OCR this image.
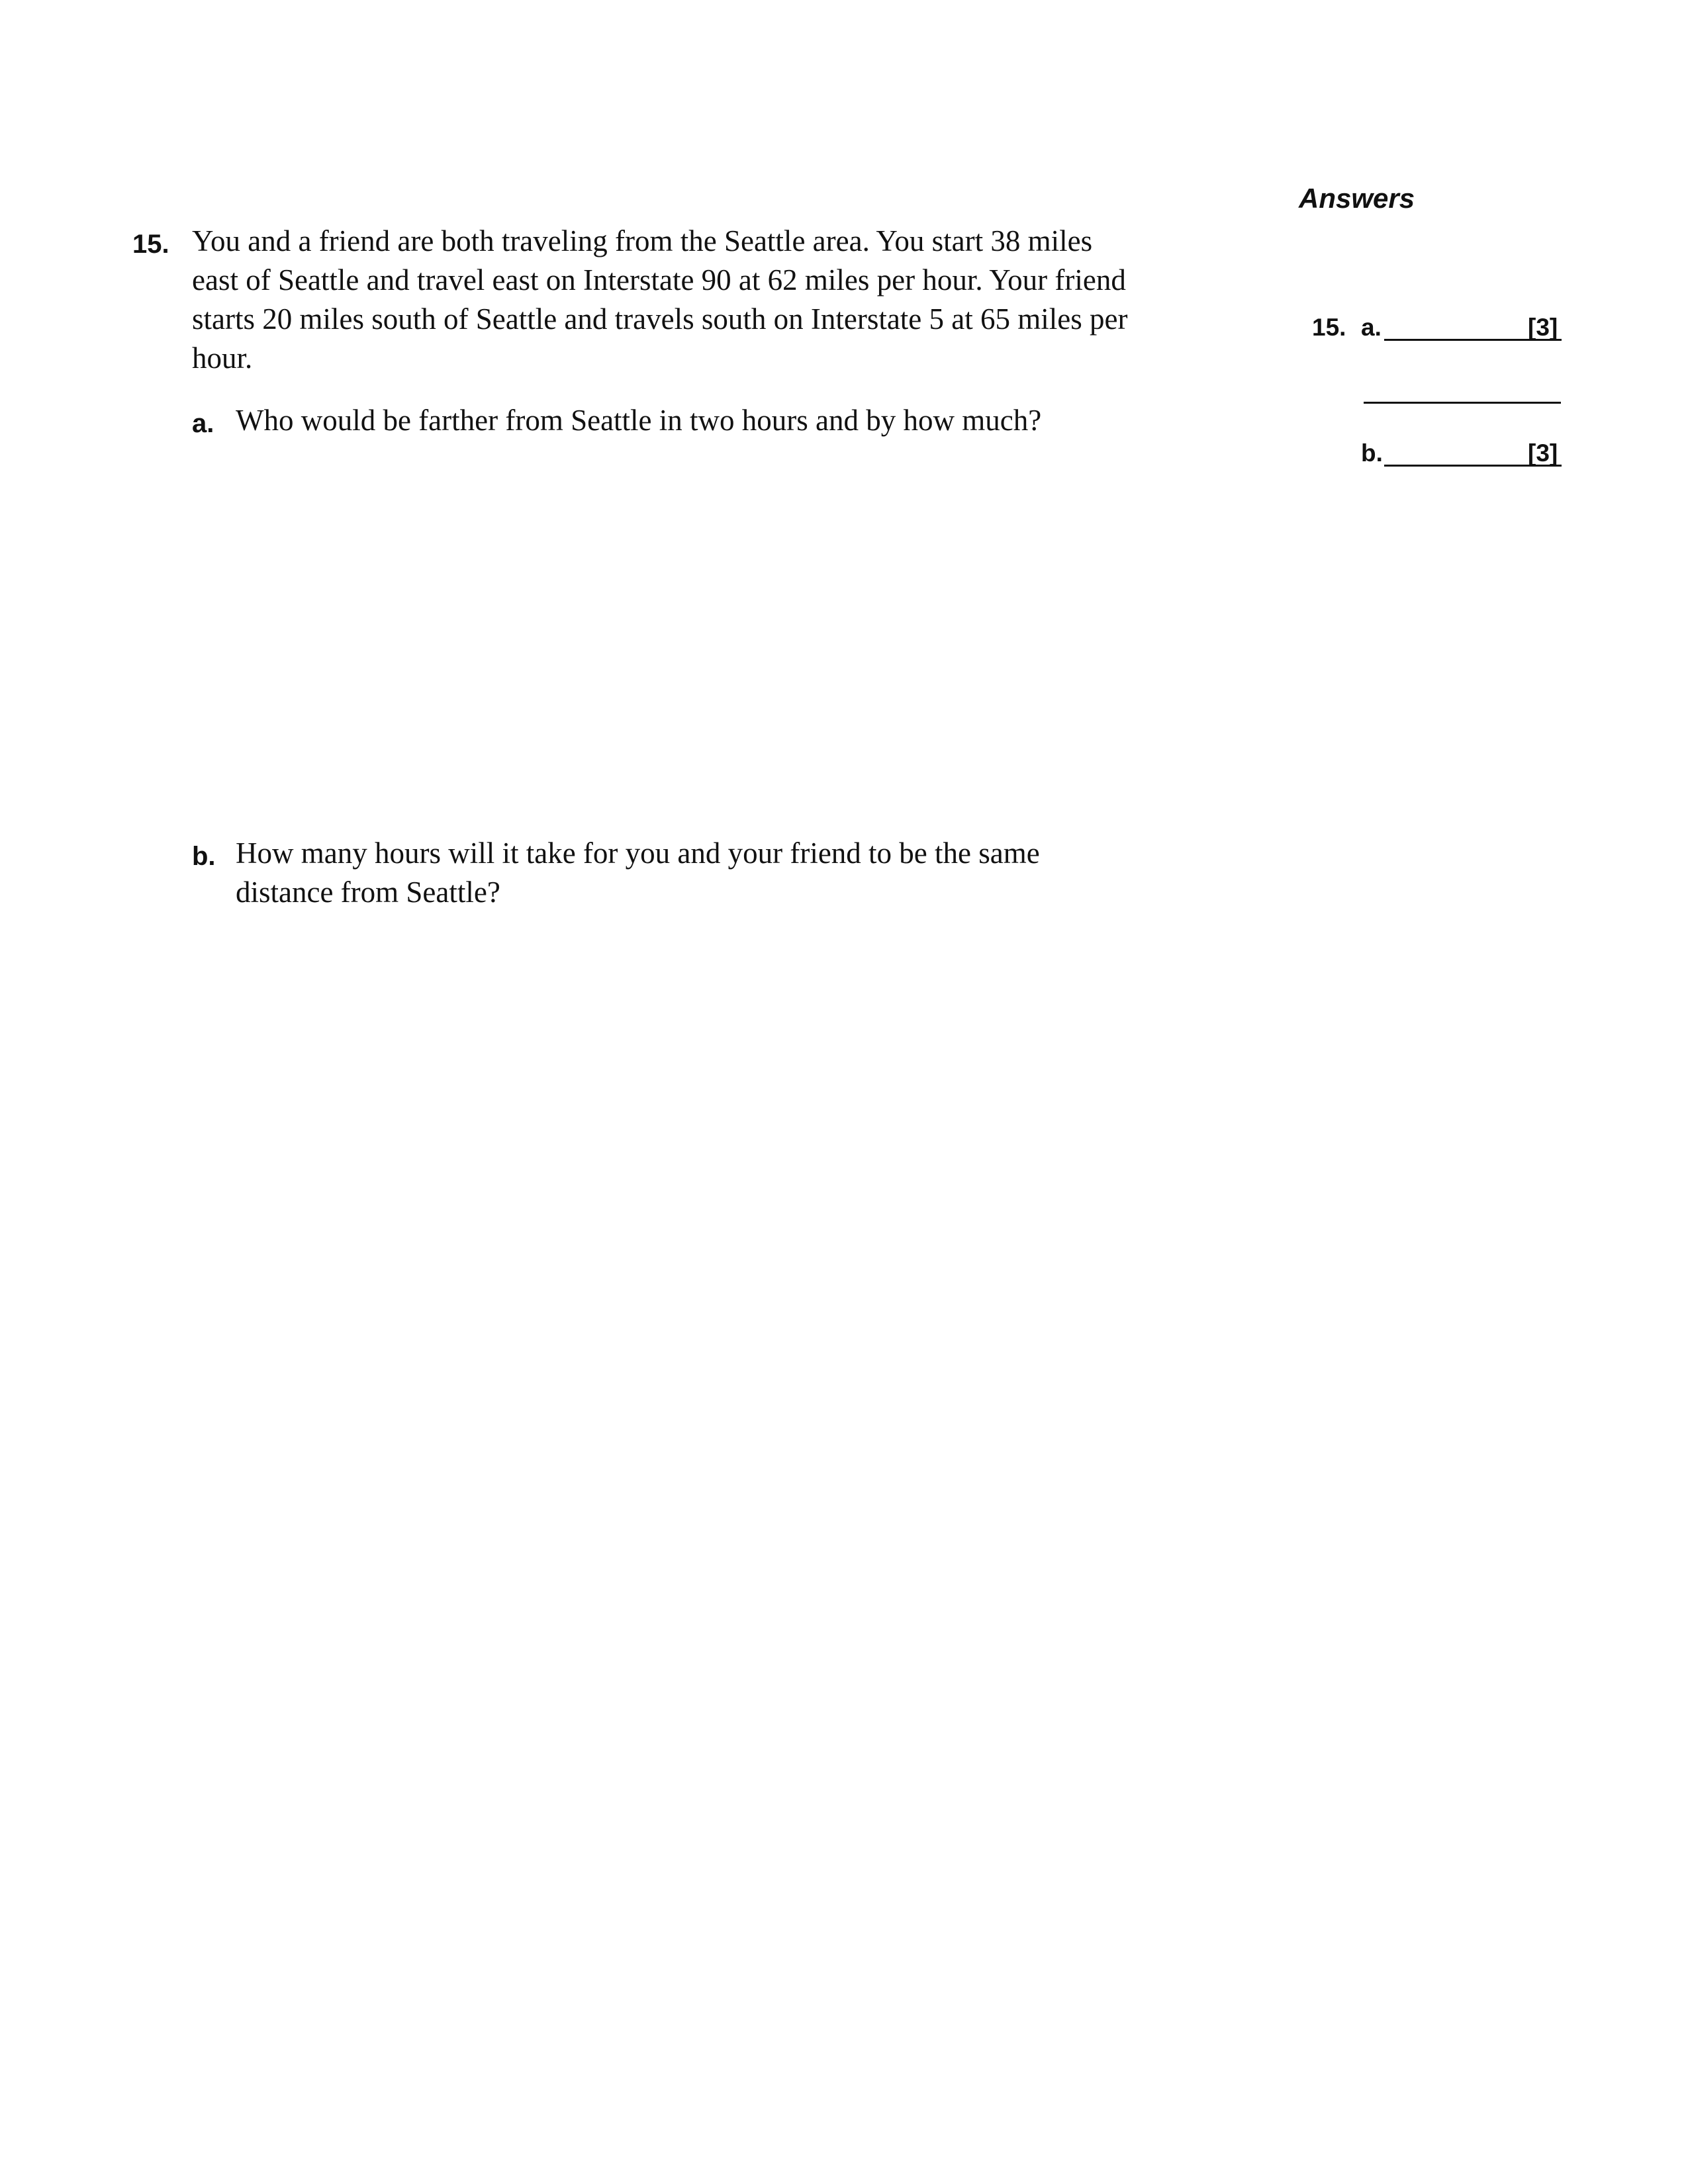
Answers
15. a.	[3]
b.	[3]
15. You and a friend are both traveling from the Seattle area. You start 38 miles east of Seattle and travel east on Interstate 90 at 62 miles per hour. Your friend starts 20 miles south of Seattle and travels south on Interstate 5 at 65 miles per hour.
a. Who would be farther from Seattle in two hours and by how much?
b. How many hours will it take for you and your friend to be the same distance from Seattle?
